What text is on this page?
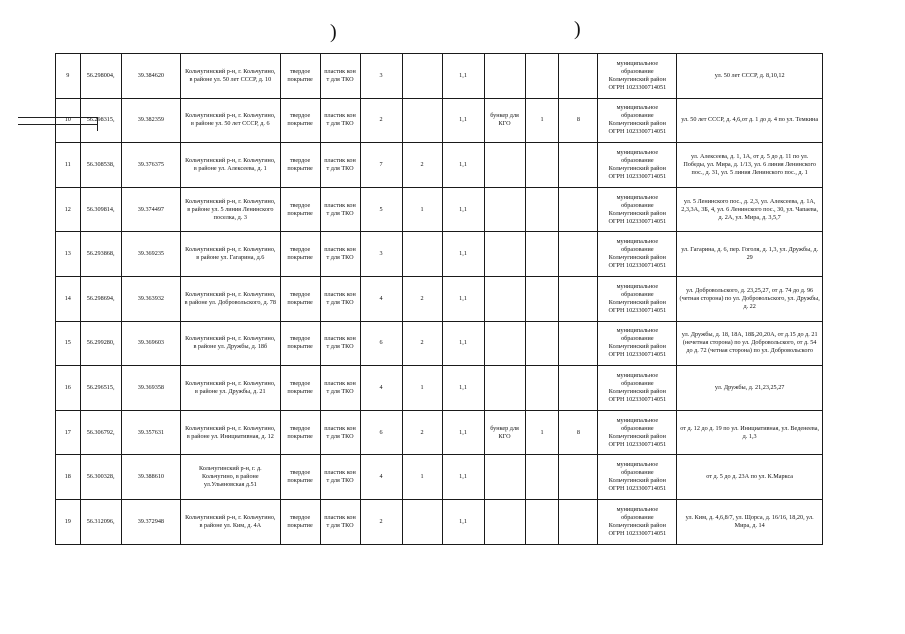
)	)
9	56.298004,	39.384620	Кольчугинский р-н, г. Кольчугино, в районе ул. 50 лет СССР, д. 10	твердое покрытие	пластик кон т для ТКО	3		1,1				муниципальное образование Кольчугинский район ОГРН 1023300714051	ул. 50 лет СССР, д. 8,10,12
10	56.298315,	39.382359	Кольчугинский р-н, г. Кольчугино, в районе ул. 50 лет СССР, д. 6	твердое покрытие	пластик кон т для ТКО	2		1,1	бункер для КГО	1	8	муниципальное образование Кольчугинский район ОГРН 1023300714051	ул. 50 лет СССР, д. 4,6,от д. 1 до д. 4 по ул. Темкина
11	56.308538,	39.376375	Кольчугинский р-н, г. Кольчугино, в районе ул. Алексеева, д. 1	твердое покрытие	пластик кон т для ТКО	7	2	1,1				муниципальное образование Кольчугинский район ОГРН 1023300714051	ул. Алексеева, д. 1, 1А, от д. 5 до д. 11 по ул. Победы, ул. Мира, д. 1/13, ул. 6 линия Ленинского пос., д. 31, ул. 5 линия Ленинского пос., д. 1
12	56.309814,	39.374497	Кольчугинский р-н, г. Кольчугино, в районе ул. 5 линия Ленинского поселка, д. 3	твердое покрытие	пластик кон т для ТКО	5	1	1,1				муниципальное образование Кольчугинский район ОГРН 1023300714051	ул. 5 Ленинского пос., д. 2,3, ул. Алексеева, д. 1А, 2,3,3А, 3Б, 4, ул. 6 Ленинского пос., 30, ул. Чапаева, д. 2А, ул. Мира, д. 3,5,7
13	56.293868,	39.369235	Кольчугинский р-н, г. Кольчугино, в районе ул. Гагарина, д.6	твердое покрытие	пластик кон т для ТКО	3		1,1				муниципальное образование Кольчугинский район ОГРН 1023300714051	ул. Гагарина, д. 6, пер. Гоголя, д. 1,3, ул. Дружбы, д. 29
14	56.298694,	39.363932	Кольчугинский р-н, г. Кольчугино, в районе ул. Добровольского, д. 78	твердое покрытие	пластик кон т для ТКО	4	2	1,1				муниципальное образование Кольчугинский район ОГРН 1023300714051	ул. Добровольского, д. 23,25,27, от д. 74 до д. 96 (четная сторона) по ул. Добровольского, ул. Дружбы, д. 22
15	56.299280,	39.369603	Кольчугинский р-н, г. Кольчугино, в районе ул. Дружбы, д. 18б	твердое покрытие	пластик кон т для ТКО	6	2	1,1				муниципальное образование Кольчугинский район ОГРН 1023300714051	ул. Дружбы, д. 18, 18А, 18Б,20,20А, от д.15 до д. 21 (нечетная сторона) по ул. Добровольского, от д. 54 до д. 72 (четная сторона) по ул. Добровольского
16	56.296515,	39.369358	Кольчугинский р-н, г. Кольчугино, в районе ул. Дружбы, д. 21	твердое покрытие	пластик кон т для ТКО	4	1	1,1				муниципальное образование Кольчугинский район ОГРН 1023300714051	ул. Дружбы, д. 21,23,25,27
17	56.306792,	39.357631	Кольчугинский р-н, г. Кольчугино, в районе ул. Инициативная, д. 12	твердое покрытие	пластик кон т для ТКО	6	2	1,1	бункер для КГО	1	8	муниципальное образование Кольчугинский район ОГРН 1023300714051	от д. 12 до д. 19 по ул. Инициативная, ул. Веденеева, д. 1,3
18	56.300328,	39.388610	Кольчугинский р-н, г. д. Кольчугино, в районе ул.Ульяновская д.51	твердое покрытие	пластик кон т для ТКО	4	1	1,1				муниципальное образование Кольчугинский район ОГРН 1023300714051	от д. 5 до д. 23А по ул. К.Маркса
19	56.312096,	39.372948	Кольчугинский р-н, г. Кольчугино, в районе ул. Ким, д. 4А	твердое покрытие	пластик кон т для ТКО	2		1,1				муниципальное образование Кольчугинский район ОГРН 1023300714051	ул. Ким, д. 4,6,8/7, ул. Щорса, д. 16/16, 18,20, ул. Мира, д. 14
